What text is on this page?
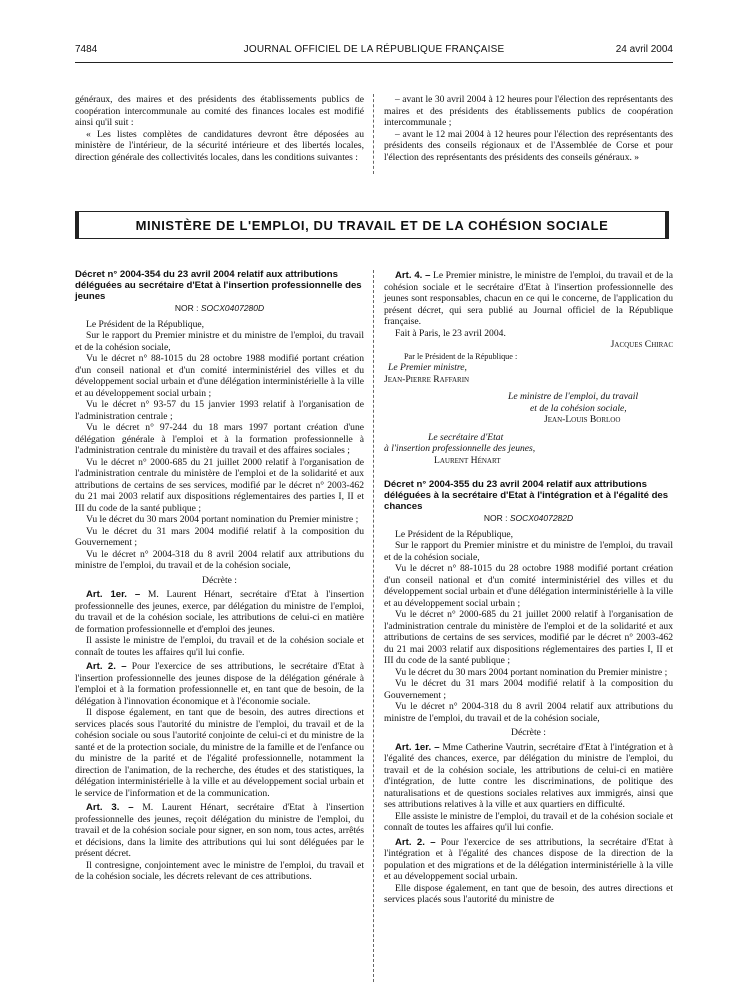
7484	JOURNAL OFFICIEL DE LA RÉPUBLIQUE FRANÇAISE	24 avril 2004

généraux, des maires et des présidents des établissements publics de coopération intercommunale au comité des finances locales est modifié ainsi qu'il suit :

« Les listes complètes de candidatures devront être déposées au ministère de l'intérieur, de la sécurité intérieure et des libertés locales, direction générale des collectivités locales, dans les conditions suivantes :

– avant le 30 avril 2004 à 12 heures pour l'élection des représentants des maires et des présidents des établissements publics de coopération intercommunale ;

– avant le 12 mai 2004 à 12 heures pour l'élection des représentants des présidents des conseils régionaux et de l'Assemblée de Corse et pour l'élection des représentants des présidents des conseils généraux. »

MINISTÈRE DE L'EMPLOI, DU TRAVAIL ET DE LA COHÉSION SOCIALE
Décret n° 2004-354 du 23 avril 2004 relatif aux attributions déléguées au secrétaire d'Etat à l'insertion professionnelle des jeunes
NOR : SOCX0407280D

Le Président de la République,

Sur le rapport du Premier ministre et du ministre de l'emploi, du travail et de la cohésion sociale,

Vu le décret n° 88-1015 du 28 octobre 1988 modifié portant création d'un conseil national et d'un comité interministériel des villes et du développement social urbain et d'une délégation interministérielle à la ville et au développement social urbain ;

Vu le décret n° 93-57 du 15 janvier 1993 relatif à l'organisation de l'administration centrale ;

Vu le décret n° 97-244 du 18 mars 1997 portant création d'une délégation générale à l'emploi et à la formation professionnelle à l'administration centrale du ministère du travail et des affaires sociales ;

Vu le décret n° 2000-685 du 21 juillet 2000 relatif à l'organisation de l'administration centrale du ministère de l'emploi et de la solidarité et aux attributions de certains de ses services, modifié par le décret n° 2003-462 du 21 mai 2003 relatif aux dispositions réglementaires des parties I, II et III du code de la santé publique ;

Vu le décret du 30 mars 2004 portant nomination du Premier ministre ;

Vu le décret du 31 mars 2004 modifié relatif à la composition du Gouvernement ;

Vu le décret n° 2004-318 du 8 avril 2004 relatif aux attributions du ministre de l'emploi, du travail et de la cohésion sociale,

Décrète :

Art. 1er. – M. Laurent Hénart, secrétaire d'Etat à l'insertion professionnelle des jeunes, exerce, par délégation du ministre de l'emploi, du travail et de la cohésion sociale, les attributions de celui-ci en matière de formation professionnelle et d'emploi des jeunes.

Il assiste le ministre de l'emploi, du travail et de la cohésion sociale et connaît de toutes les affaires qu'il lui confie.

Art. 2. – Pour l'exercice de ses attributions, le secrétaire d'Etat à l'insertion professionnelle des jeunes dispose de la délégation générale à l'emploi et à la formation professionnelle et, en tant que de besoin, de la délégation à l'innovation économique et à l'économie sociale.

Il dispose également, en tant que de besoin, des autres directions et services placés sous l'autorité du ministre de l'emploi, du travail et de la cohésion sociale ou sous l'autorité conjointe de celui-ci et du ministre de la santé et de la protection sociale, du ministre de la famille et de l'enfance ou du ministre de la parité et de l'égalité professionnelle, notamment la direction de l'animation, de la recherche, des études et des statistiques, la délégation interministérielle à la ville et au développement social urbain et le service de l'information et de la communication.

Art. 3. – M. Laurent Hénart, secrétaire d'Etat à l'insertion professionnelle des jeunes, reçoit délégation du ministre de l'emploi, du travail et de la cohésion sociale pour signer, en son nom, tous actes, arrêtés et décisions, dans la limite des attributions qui lui sont déléguées par le présent décret.

Il contresigne, conjointement avec le ministre de l'emploi, du travail et de la cohésion sociale, les décrets relevant de ces attributions.

Art. 4. – Le Premier ministre, le ministre de l'emploi, du travail et de la cohésion sociale et le secrétaire d'Etat à l'insertion professionnelle des jeunes sont responsables, chacun en ce qui le concerne, de l'application du présent décret, qui sera publié au Journal officiel de la République française.

Fait à Paris, le 23 avril 2004.

Jacques Chirac

Par le Président de la République :

Le Premier ministre,

Jean-Pierre Raffarin

Le ministre de l'emploi, du travail

et de la cohésion sociale,

Jean-Louis Borloo

Le secrétaire d'Etat

à l'insertion professionnelle des jeunes,

Laurent Hénart

Décret n° 2004-355 du 23 avril 2004 relatif aux attributions déléguées à la secrétaire d'Etat à l'intégration et à l'égalité des chances
NOR : SOCX0407282D

Le Président de la République,

Sur le rapport du Premier ministre et du ministre de l'emploi, du travail et de la cohésion sociale,

Vu le décret n° 88-1015 du 28 octobre 1988 modifié portant création d'un conseil national et d'un comité interministériel des villes et du développement social urbain et d'une délégation interministérielle à la ville et au développement social urbain ;

Vu le décret n° 2000-685 du 21 juillet 2000 relatif à l'organisation de l'administration centrale du ministère de l'emploi et de la solidarité et aux attributions de certains de ses services, modifié par le décret n° 2003-462 du 21 mai 2003 relatif aux dispositions réglementaires des parties I, II et III du code de la santé publique ;

Vu le décret du 30 mars 2004 portant nomination du Premier ministre ;

Vu le décret du 31 mars 2004 modifié relatif à la composition du Gouvernement ;

Vu le décret n° 2004-318 du 8 avril 2004 relatif aux attributions du ministre de l'emploi, du travail et de la cohésion sociale,

Décrète :

Art. 1er. – Mme Catherine Vautrin, secrétaire d'Etat à l'intégration et à l'égalité des chances, exerce, par délégation du ministre de l'emploi, du travail et de la cohésion sociale, les attributions de celui-ci en matière d'intégration, de lutte contre les discriminations, de politique des naturalisations et de questions sociales relatives aux immigrés, ainsi que ses attributions relatives à la ville et aux quartiers en difficulté.

Elle assiste le ministre de l'emploi, du travail et de la cohésion sociale et connaît de toutes les affaires qu'il lui confie.

Art. 2. – Pour l'exercice de ses attributions, la secrétaire d'Etat à l'intégration et à l'égalité des chances dispose de la direction de la population et des migrations et de la délégation interministérielle à la ville et au développement social urbain.

Elle dispose également, en tant que de besoin, des autres directions et services placés sous l'autorité du ministre de
